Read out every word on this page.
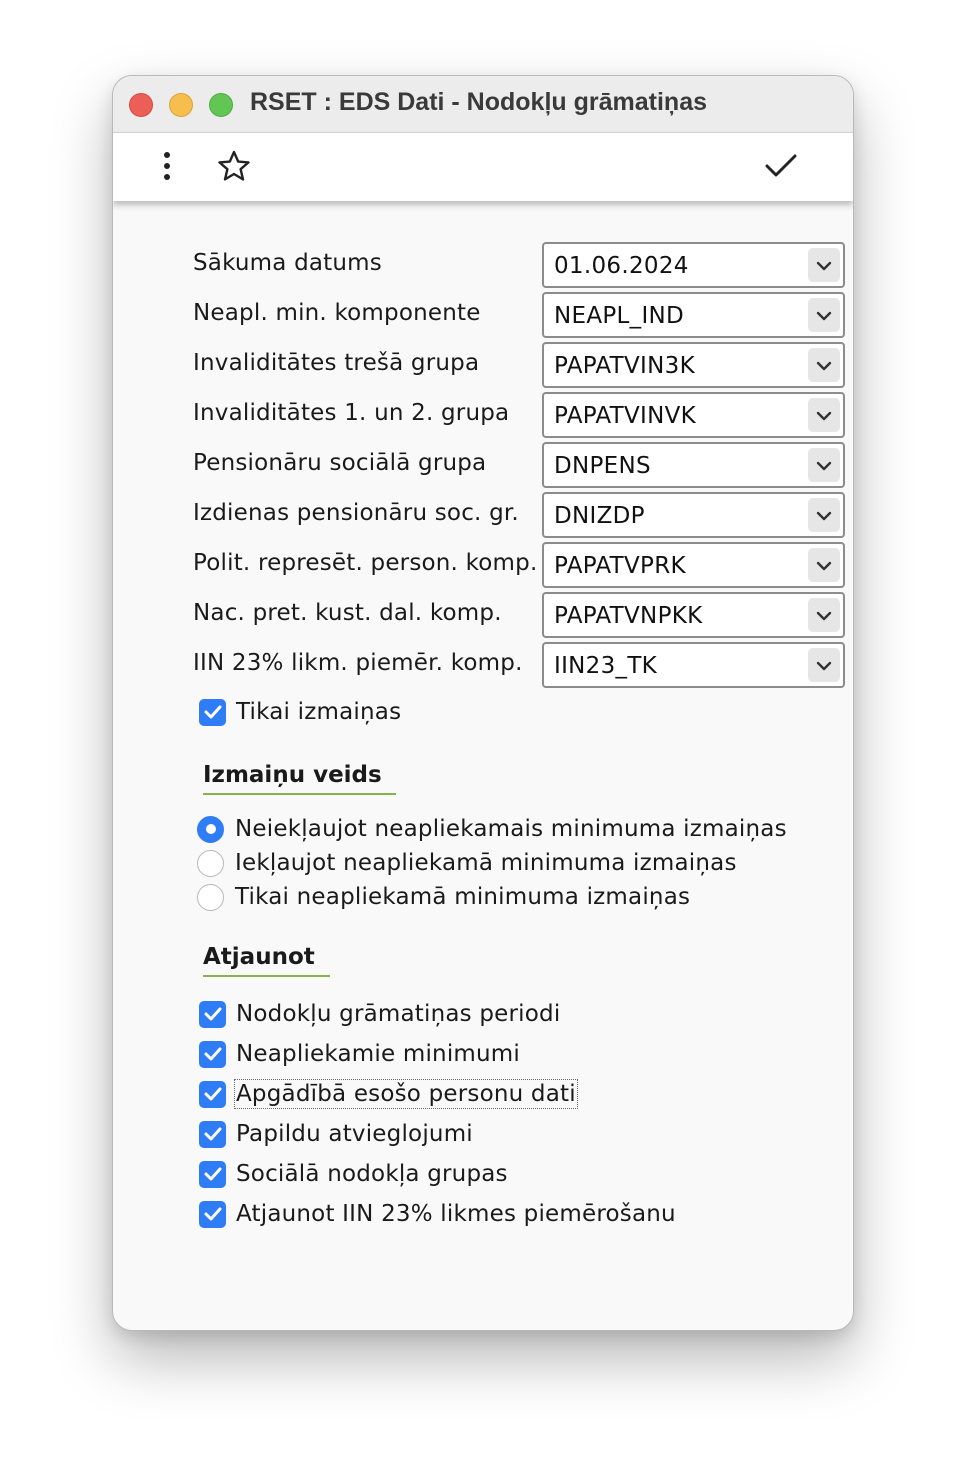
RSET : EDS Dati - Nodokļu grāmatiņas
Sākuma datums	01.06.2024
Neapl. min. komponente	NEAPL_IND
Invaliditātes trešā grupa	PAPATVIN3K
Invaliditātes 1. un 2. grupa PAPATVINVK
Pensionāru sociālā grupa	DNPENS
Izdienas pensionāru soc. gr. DNIZDP
Polit. represēt. person. komp. PAPATVPRK
Nac. pret. kust. dal. komp. PAPATVNPKK
IIN 23% likm. piemēr. komp. IIN23_TK
Tikai izmaiņas
Izmaiņu veids
Neiekļaujot neapliekamais minimuma izmaiņas
Iekļaujot neapliekamā minimuma izmaiņas
Tikai neapliekamā minimuma izmaiņas
Atjaunot
Nodokļu grāmatiņas periodi
Neapliekamie minimumi
Apgādībā esošo personu dati
Papildu atvieglojumi
Sociālā nodokļa grupas
Atjaunot IIN 23% likmes piemērošanu
